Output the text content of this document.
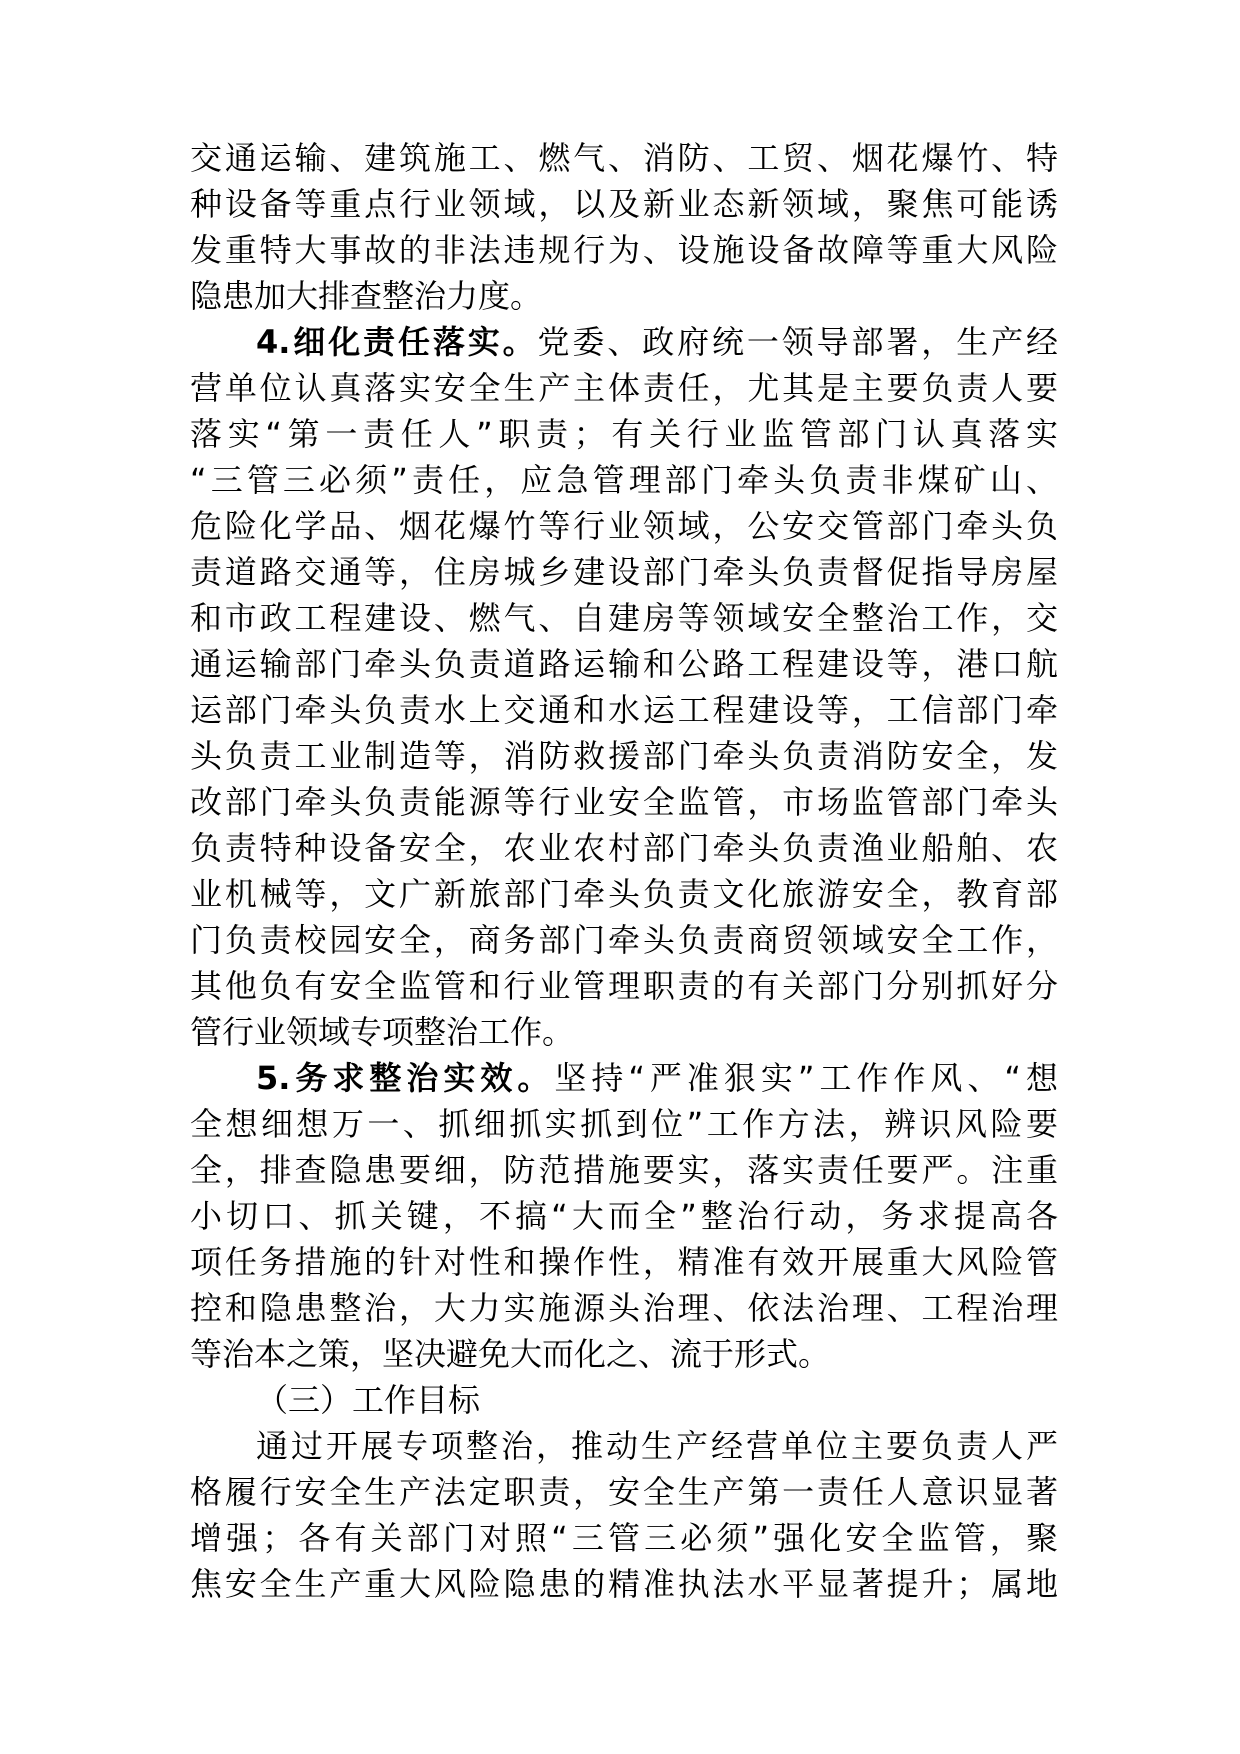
交通运输、建筑施工、燃气、消防、工贸、烟花爆竹、特
种设备等重点行业领域，以及新业态新领域，聚焦可能诱
发重特大事故的非法违规行为、设施设备故障等重大风险
隐患加大排查整治力度。
4.细化责任落实。党委、政府统一领导部署，生产经
营单位认真落实安全生产主体责任，尤其是主要负责人要
落实“第一责任人”职责；有关行业监管部门认真落实
“三管三必须”责任，应急管理部门牵头负责非煤矿山、
危险化学品、烟花爆竹等行业领域，公安交管部门牵头负
责道路交通等，住房城乡建设部门牵头负责督促指导房屋
和市政工程建设、燃气、自建房等领域安全整治工作，交
通运输部门牵头负责道路运输和公路工程建设等，港口航
运部门牵头负责水上交通和水运工程建设等，工信部门牵
头负责工业制造等，消防救援部门牵头负责消防安全，发
改部门牵头负责能源等行业安全监管，市场监管部门牵头
负责特种设备安全，农业农村部门牵头负责渔业船舶、农
业机械等，文广新旅部门牵头负责文化旅游安全，教育部
门负责校园安全，商务部门牵头负责商贸领域安全工作，
其他负有安全监管和行业管理职责的有关部门分别抓好分
管行业领域专项整治工作。
5.务求整治实效。坚持“严准狠实”工作作风、“想
全想细想万一、抓细抓实抓到位”工作方法，辨识风险要
全，排查隐患要细，防范措施要实，落实责任要严。注重
小切口、抓关键，不搞“大而全”整治行动，务求提高各
项任务措施的针对性和操作性，精准有效开展重大风险管
控和隐患整治，大力实施源头治理、依法治理、工程治理
等治本之策，坚决避免大而化之、流于形式。
（三）工作目标
通过开展专项整治，推动生产经营单位主要负责人严
格履行安全生产法定职责，安全生产第一责任人意识显著
增强；各有关部门对照“三管三必须”强化安全监管，聚
焦安全生产重大风险隐患的精准执法水平显著提升；属地
